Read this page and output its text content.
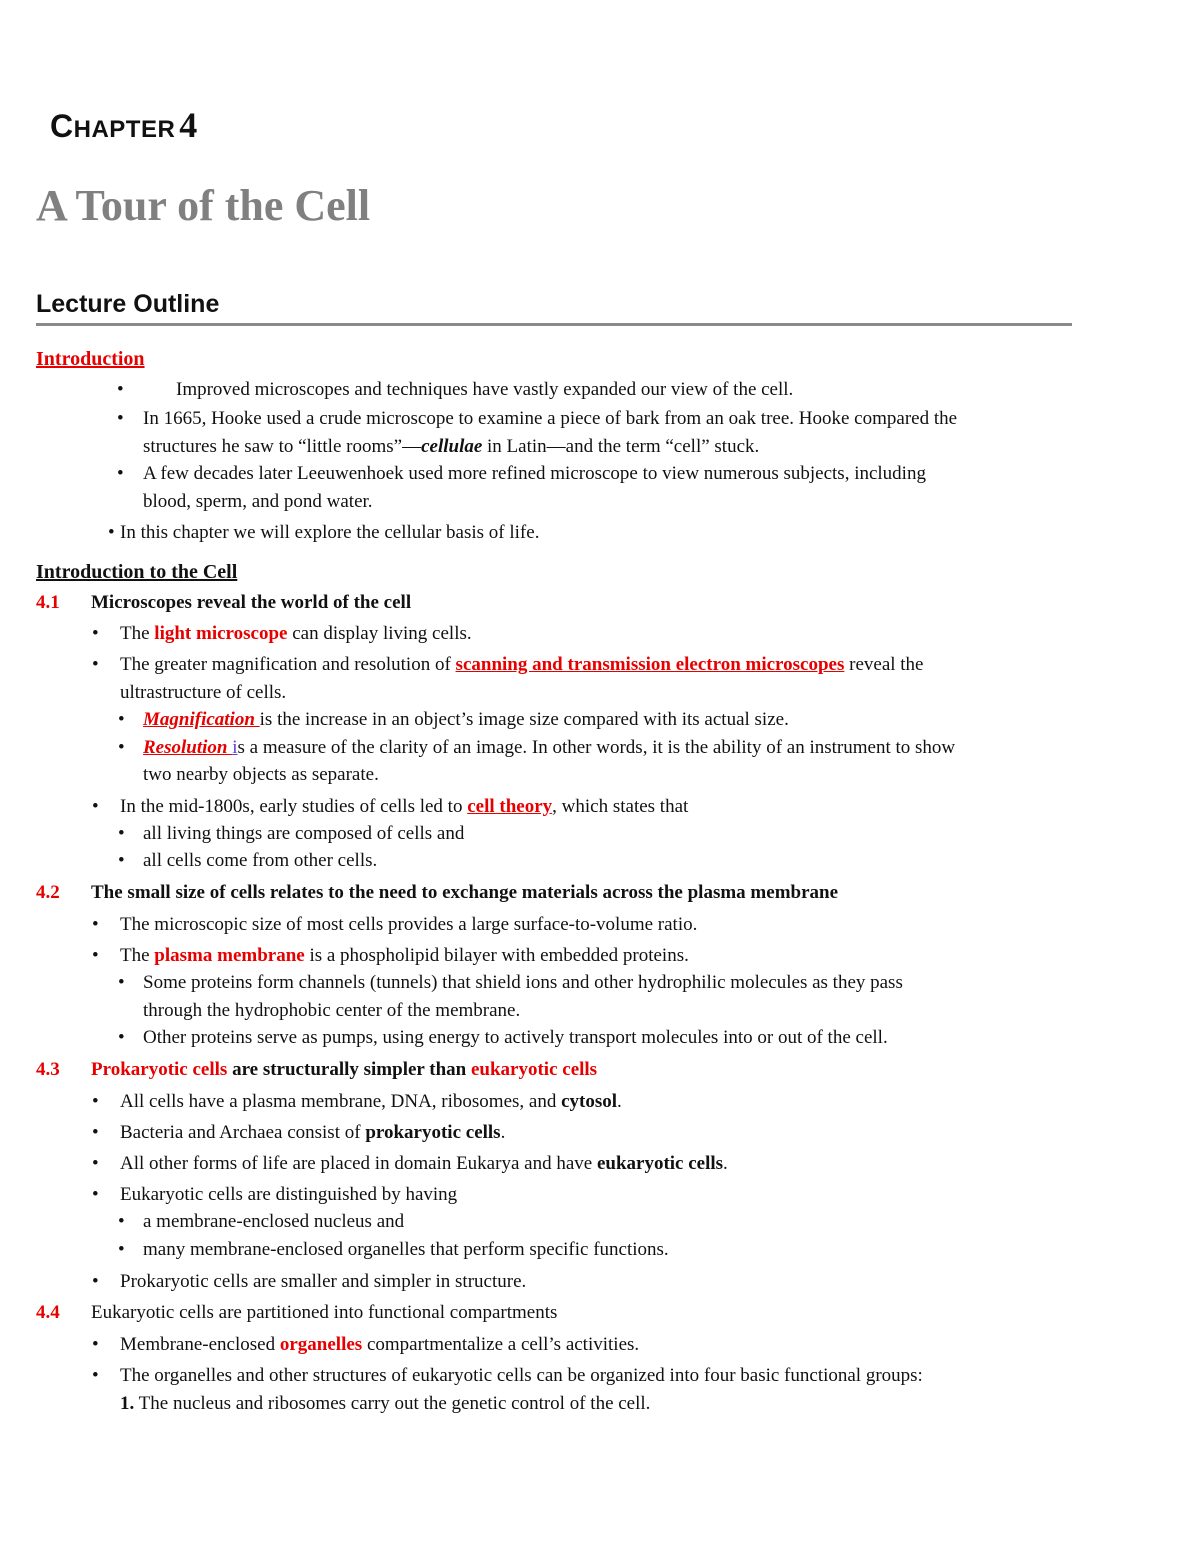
CHAPTER 4
A Tour of the Cell
Lecture Outline
Introduction
•	Improved microscopes and techniques have vastly expanded our view of the cell.
• In 1665, Hooke used a crude microscope to examine a piece of bark from an oak tree. Hooke compared the
structures he saw to “little rooms”—cellulae in Latin—and the term “cell” stuck.
• A few decades later Leeuwenhoek used more refined microscope to view numerous subjects, including
blood, sperm, and pond water.
• In this chapter we will explore the cellular basis of life.
Introduction to the Cell
4.1 Microscopes reveal the world of the cell
• The light microscope can display living cells.
• The greater magnification and resolution of scanning and transmission electron microscopes reveal the
ultrastructure of cells.
• Magnification is the increase in an object’s image size compared with its actual size.
• Resolution is a measure of the clarity of an image. In other words, it is the ability of an instrument to show
two nearby objects as separate.
• In the mid-1800s, early studies of cells led to cell theory, which states that
• all living things are composed of cells and
• all cells come from other cells.
4.2 The small size of cells relates to the need to exchange materials across the plasma membrane
• The microscopic size of most cells provides a large surface-to-volume ratio.
• The plasma membrane is a phospholipid bilayer with embedded proteins.
• Some proteins form channels (tunnels) that shield ions and other hydrophilic molecules as they pass
through the hydrophobic center of the membrane.
• Other proteins serve as pumps, using energy to actively transport molecules into or out of the cell.
4.3 Prokaryotic cells are structurally simpler than eukaryotic cells
• All cells have a plasma membrane, DNA, ribosomes, and cytosol.
• Bacteria and Archaea consist of prokaryotic cells.
• All other forms of life are placed in domain Eukarya and have eukaryotic cells.
• Eukaryotic cells are distinguished by having
• a membrane-enclosed nucleus and
• many membrane-enclosed organelles that perform specific functions.
• Prokaryotic cells are smaller and simpler in structure.
4.4 Eukaryotic cells are partitioned into functional compartments
• Membrane-enclosed organelles compartmentalize a cell’s activities.
• The organelles and other structures of eukaryotic cells can be organized into four basic functional groups:
1. The nucleus and ribosomes carry out the genetic control of the cell.
